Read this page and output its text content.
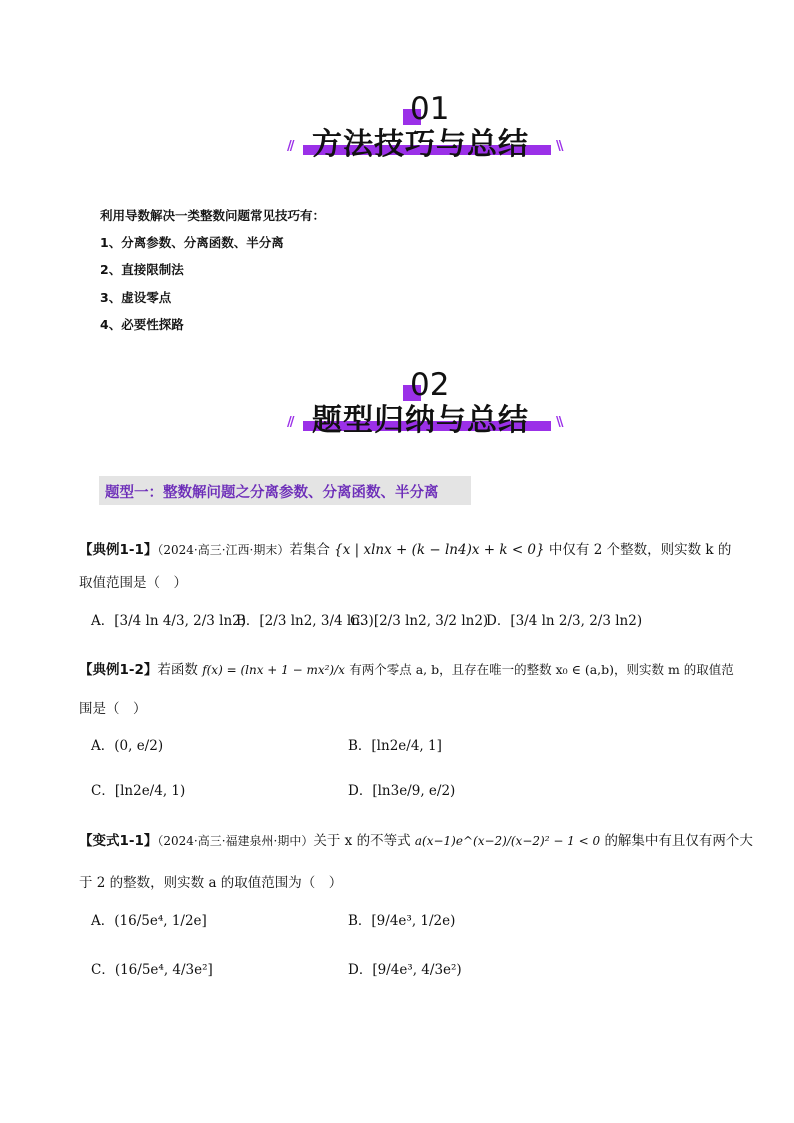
01
方法技巧与总结
//	\\
利用导数解决一类整数问题常见技巧有：
1、分离参数、分离函数、半分离
2、直接限制法
3、虚设零点
4、必要性探路
02
题型归纳与总结
//	\\
题型一：整数解问题之分离参数、分离函数、半分离
【典例1-1】（2024·高三·江西·期末）若集合 {x | xlnx + (k − ln4)x + k < 0} 中仅有 2 个整数，则实数 k 的
取值范围是（　）
A．[3/4 ln 4/3, 2/3 ln2)
B．[2/3 ln2, 3/4 ln3)
C．[2/3 ln2, 3/2 ln2)
D．[3/4 ln 2/3, 2/3 ln2)
【典例1-2】若函数 f(x) = (lnx + 1 − mx²)/x 有两个零点 a, b，且存在唯一的整数 x₀ ∈ (a,b)，则实数 m 的取值范
围是（　）
A．(0, e/2)	B．[ln2e/4, 1]
C．[ln2e/4, 1)	D．[ln3e/9, e/2)
【变式1-1】（2024·高三·福建泉州·期中）关于 x 的不等式 a(x−1)e^(x−2)/(x−2)² − 1 < 0 的解集中有且仅有两个大
于 2 的整数，则实数 a 的取值范围为（　）
A．(16/5e⁴, 1/2e]	B．[9/4e³, 1/2e)
C．(16/5e⁴, 4/3e²]	D．[9/4e³, 4/3e²)
